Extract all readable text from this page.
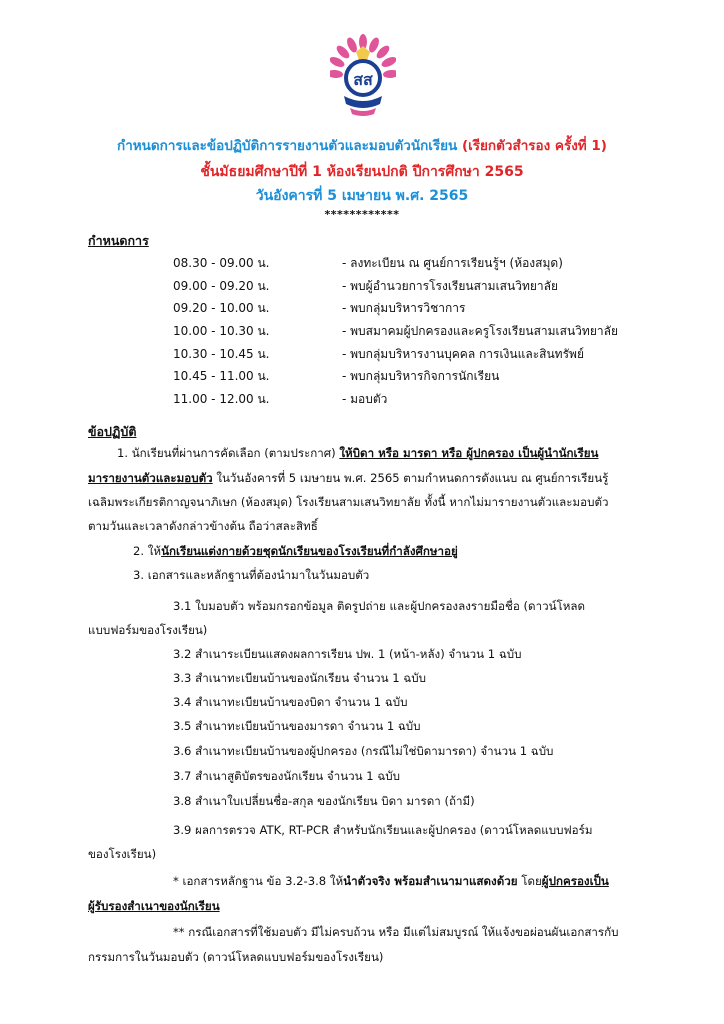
สส
กำหนดการและข้อปฏิบัติการรายงานตัวและมอบตัวนักเรียน (เรียกตัวสำรอง ครั้งที่ 1)
ชั้นมัธยมศึกษาปีที่ 1 ห้องเรียนปกติ ปีการศึกษา 2565
วันอังคารที่ 5 เมษายน พ.ศ. 2565
************
กำหนดการ
08.30 - 09.00 น.	- ลงทะเบียน ณ ศูนย์การเรียนรู้ฯ (ห้องสมุด)
09.00 - 09.20 น.	- พบผู้อำนวยการโรงเรียนสามเสนวิทยาลัย
09.20 - 10.00 น.	- พบกลุ่มบริหารวิชาการ
10.00 - 10.30 น.	- พบสมาคมผู้ปกครองและครูโรงเรียนสามเสนวิทยาลัย
10.30 - 10.45 น.	- พบกลุ่มบริหารงานบุคคล การเงินและสินทรัพย์
10.45 - 11.00 น.	- พบกลุ่มบริหารกิจการนักเรียน
11.00 - 12.00 น.	- มอบตัว
ข้อปฏิบัติ
1. นักเรียนที่ผ่านการคัดเลือก (ตามประกาศ) ให้บิดา หรือ มารดา หรือ ผู้ปกครอง เป็นผู้นำนักเรียน
มารายงานตัวและมอบตัว ในวันอังคารที่ 5 เมษายน พ.ศ. 2565 ตามกำหนดการดังแนบ ณ ศูนย์การเรียนรู้
เฉลิมพระเกียรติกาญจนาภิเษก (ห้องสมุด) โรงเรียนสามเสนวิทยาลัย ทั้งนี้ หากไม่มารายงานตัวและมอบตัว
ตามวันและเวลาดังกล่าวข้างต้น ถือว่าสละสิทธิ์
2. ให้นักเรียนแต่งกายด้วยชุดนักเรียนของโรงเรียนที่กำลังศึกษาอยู่
3. เอกสารและหลักฐานที่ต้องนำมาในวันมอบตัว
3.1 ใบมอบตัว พร้อมกรอกข้อมูล ติดรูปถ่าย และผู้ปกครองลงรายมือชื่อ (ดาวน์โหลด
แบบฟอร์มของโรงเรียน)
3.2 สำเนาระเบียนแสดงผลการเรียน ปพ. 1 (หน้า-หลัง) จำนวน 1 ฉบับ
3.3 สำเนาทะเบียนบ้านของนักเรียน จำนวน 1 ฉบับ
3.4 สำเนาทะเบียนบ้านของบิดา จำนวน 1 ฉบับ
3.5 สำเนาทะเบียนบ้านของมารดา จำนวน 1 ฉบับ
3.6 สำเนาทะเบียนบ้านของผู้ปกครอง (กรณีไม่ใช่บิดามารดา) จำนวน 1 ฉบับ
3.7 สำเนาสูติบัตรของนักเรียน จำนวน 1 ฉบับ
3.8 สำเนาใบเปลี่ยนชื่อ-สกุล ของนักเรียน บิดา มารดา (ถ้ามี)
3.9 ผลการตรวจ ATK, RT-PCR สำหรับนักเรียนและผู้ปกครอง (ดาวน์โหลดแบบฟอร์ม
ของโรงเรียน)
* เอกสารหลักฐาน ข้อ 3.2-3.8 ให้นำตัวจริง พร้อมสำเนามาแสดงด้วย โดยผู้ปกครองเป็น
ผู้รับรองสำเนาของนักเรียน
** กรณีเอกสารที่ใช้มอบตัว มีไม่ครบถ้วน หรือ มีแต่ไม่สมบูรณ์ ให้แจ้งขอผ่อนผันเอกสารกับ
กรรมการในวันมอบตัว (ดาวน์โหลดแบบฟอร์มของโรงเรียน)
